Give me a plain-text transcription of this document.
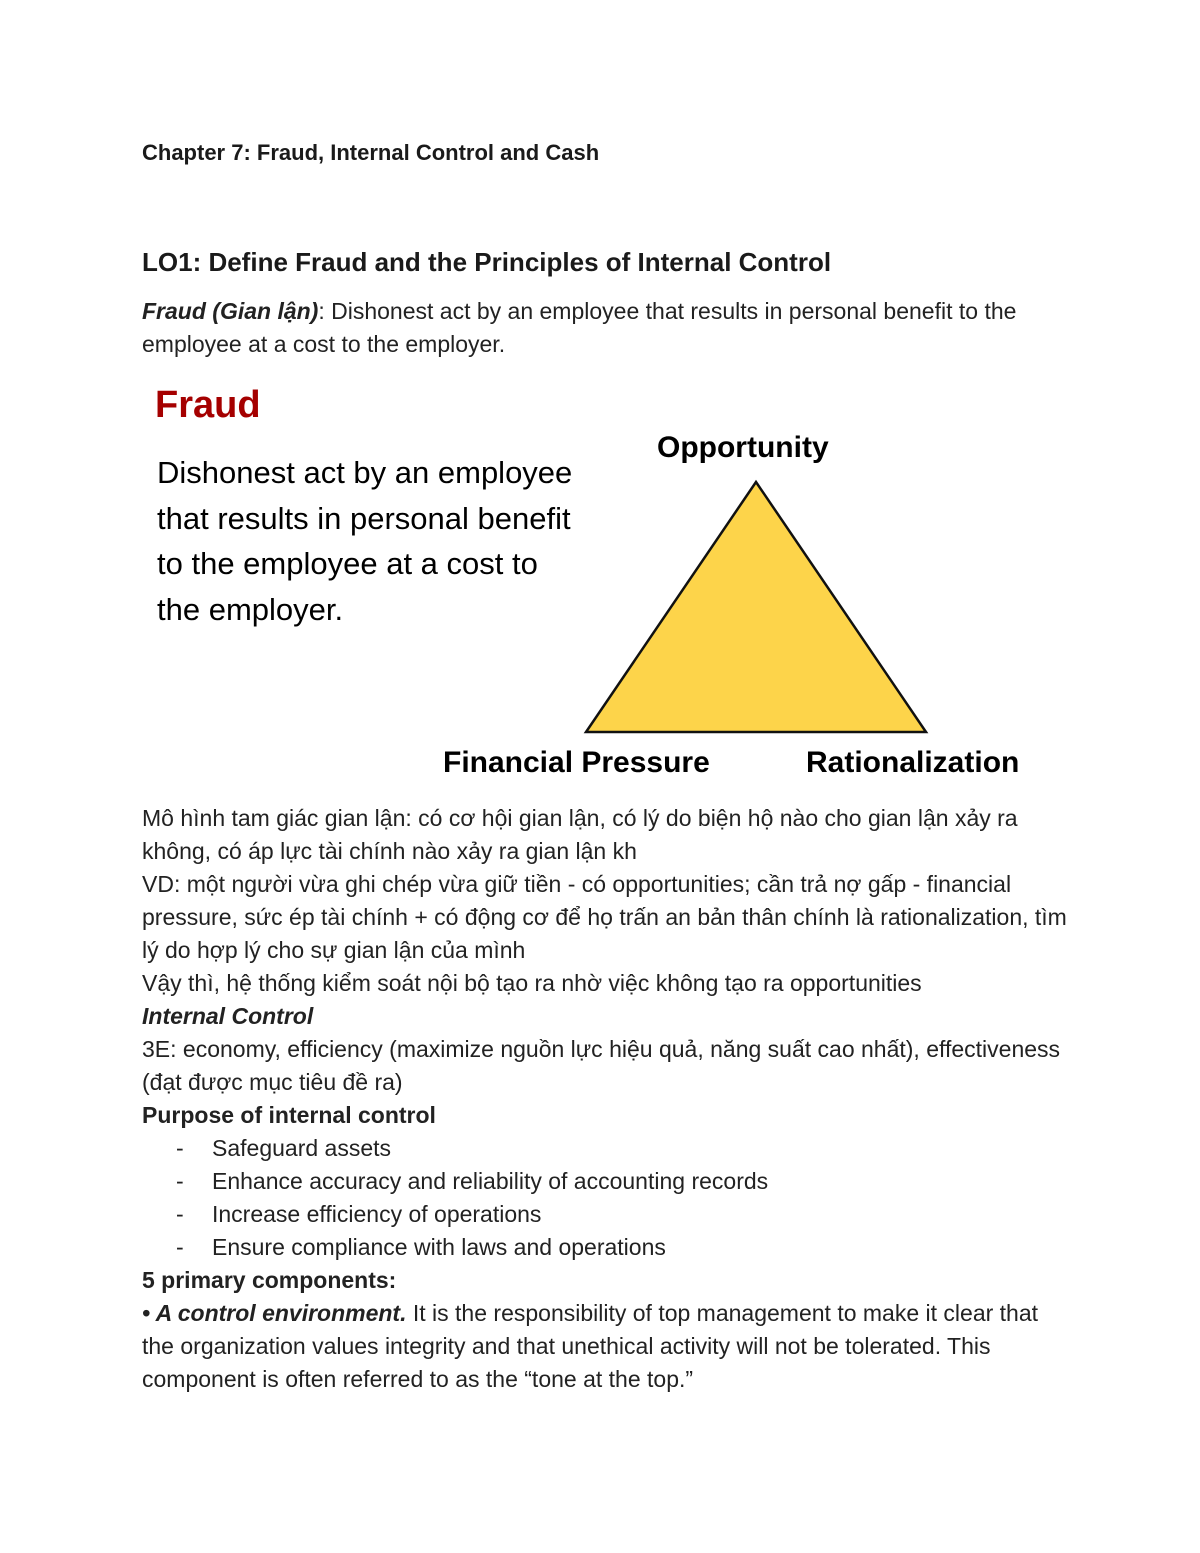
Chapter 7: Fraud, Internal Control and Cash
LO1: Define Fraud and the Principles of Internal Control

Fraud (Gian lận): Dishonest act by an employee that results in personal benefit to the employee at a cost to the employer.

Fraud
Dishonest act by an employee that results in personal benefit to the employee at a cost to the employer.
Opportunity
Financial Pressure	Rationalization

Mô hình tam giác gian lận: có cơ hội gian lận, có lý do biện hộ nào cho gian lận xảy ra không, có áp lực tài chính nào xảy ra gian lận kh

VD: một người vừa ghi chép vừa giữ tiền - có opportunities; cần trả nợ gấp - financial pressure, sức ép tài chính + có động cơ để họ trấn an bản thân chính là rationalization, tìm lý do hợp lý cho sự gian lận của mình

Vậy thì, hệ thống kiểm soát nội bộ tạo ra nhờ việc không tạo ra opportunities

Internal Control

3E: economy, efficiency (maximize nguồn lực hiệu quả, năng suất cao nhất), effectiveness (đạt được mục tiêu đề ra)

Purpose of internal control

- Safeguard assets
- Enhance accuracy and reliability of accounting records
- Increase efficiency of operations
- Ensure compliance with laws and operations

5 primary components:

• A control environment. It is the responsibility of top management to make it clear that the organization values integrity and that unethical activity will not be tolerated. This component is often referred to as the “tone at the top.”
